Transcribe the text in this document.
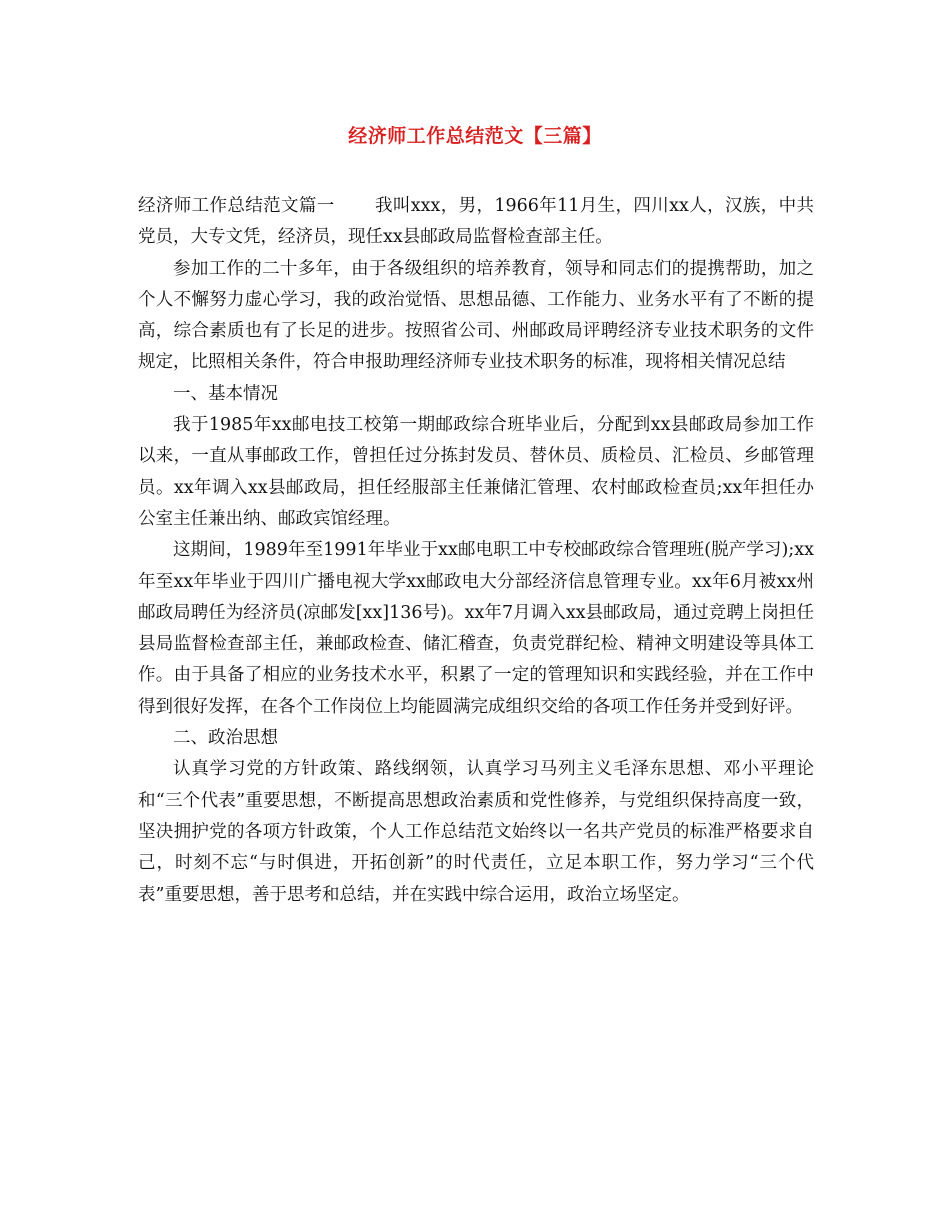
经济师工作总结范文【三篇】

经济师工作总结范文篇一 我叫xxx，男，1966年11月生，四川xx人，汉族，中共党员，大专文凭，经济员，现任xx县邮政局监督检查部主任。

参加工作的二十多年，由于各级组织的培养教育，领导和同志们的提携帮助，加之个人不懈努力虚心学习，我的政治觉悟、思想品德、工作能力、业务水平有了不断的提高，综合素质也有了长足的进步。按照省公司、州邮政局评聘经济专业技术职务的文件规定，比照相关条件，符合申报助理经济师专业技术职务的标准，现将相关情况总结

一、基本情况

我于1985年xx邮电技工校第一期邮政综合班毕业后，分配到xx县邮政局参加工作以来，一直从事邮政工作，曾担任过分拣封发员、替休员、质检员、汇检员、乡邮管理员。xx年调入xx县邮政局，担任经服部主任兼储汇管理、农村邮政检查员;xx年担任办公室主任兼出纳、邮政宾馆经理。

这期间，1989年至1991年毕业于xx邮电职工中专校邮政综合管理班(脱产学习);xx年至xx年毕业于四川广播电视大学xx邮政电大分部经济信息管理专业。xx年6月被xx州邮政局聘任为经济员(凉邮发[xx]136号)。xx年7月调入xx县邮政局，通过竞聘上岗担任县局监督检查部主任，兼邮政检查、储汇稽查，负责党群纪检、精神文明建设等具体工作。由于具备了相应的业务技术水平，积累了一定的管理知识和实践经验，并在工作中得到很好发挥，在各个工作岗位上均能圆满完成组织交给的各项工作任务并受到好评。

二、政治思想

认真学习党的方针政策、路线纲领，认真学习马列主义毛泽东思想、邓小平理论和“三个代表”重要思想，不断提高思想政治素质和党性修养，与党组织保持高度一致，坚决拥护党的各项方针政策，个人工作总结范文始终以一名共产党员的标准严格要求自己，时刻不忘“与时俱进，开拓创新”的时代责任，立足本职工作，努力学习“三个代表”重要思想，善于思考和总结，并在实践中综合运用，政治立场坚定。
